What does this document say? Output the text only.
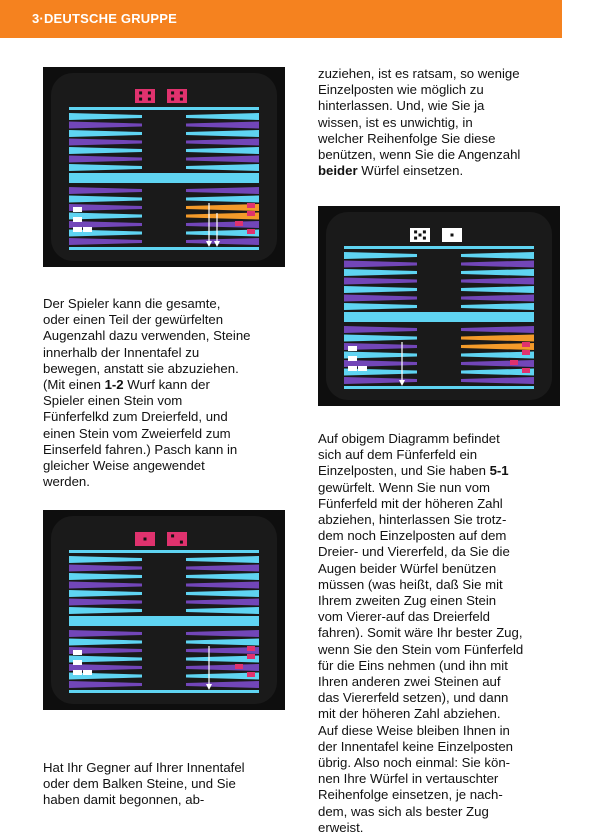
3·DEUTSCHE GRUPPE
zuziehen, ist es ratsam, so wenige
Einzelposten wie möglich zu
hinterlassen. Und, wie Sie ja
wissen, ist es unwichtig, in
welcher Reihenfolge Sie diese
benützen, wenn Sie die Angenzahl
beider Würfel einsetzen.
Der Spieler kann die gesamte,
oder einen Teil der gewürfelten
Augenzahl dazu verwenden, Steine
innerhalb der Innentafel zu
bewegen, anstatt sie abzuziehen.
(Mit einen 1-2 Wurf kann der
Spieler einen Stein vom
Fünferfelkd zum Dreierfeld, und
einen Stein vom Zweierfeld zum
Einserfeld fahren.) Pasch kann in
gleicher Weise angewendet
werden.
Auf obigem Diagramm befindet
sich auf dem Fünferfeld ein
Einzelposten, und Sie haben 5-1
gewürfelt. Wenn Sie nun vom
Fünferfeld mit der höheren Zahl
abziehen, hinterlassen Sie trotz-
dem noch Einzelposten auf dem
Dreier- und Viererfeld, da Sie die
Augen beider Würfel benützen
müssen (was heißt, daß Sie mit
Ihrem zweiten Zug einen Stein
vom Vierer-auf das Dreierfeld
fahren). Somit wäre Ihr bester Zug,
wenn Sie den Stein vom Fünferfeld
für die Eins nehmen (und ihn mit
Ihren anderen zwei Steinen auf
das Viererfeld setzen), und dann
mit der höheren Zahl abziehen.
Auf diese Weise bleiben Ihnen in
der Innentafel keine Einzelposten
übrig. Also noch einmal: Sie kön-
nen Ihre Würfel in vertauschter
Reihenfolge einsetzen, je nach-
dem, was sich als bester Zug
erweist.
Hat Ihr Gegner auf Ihrer Innentafel
oder dem Balken Steine, und Sie
haben damit begonnen, ab-
